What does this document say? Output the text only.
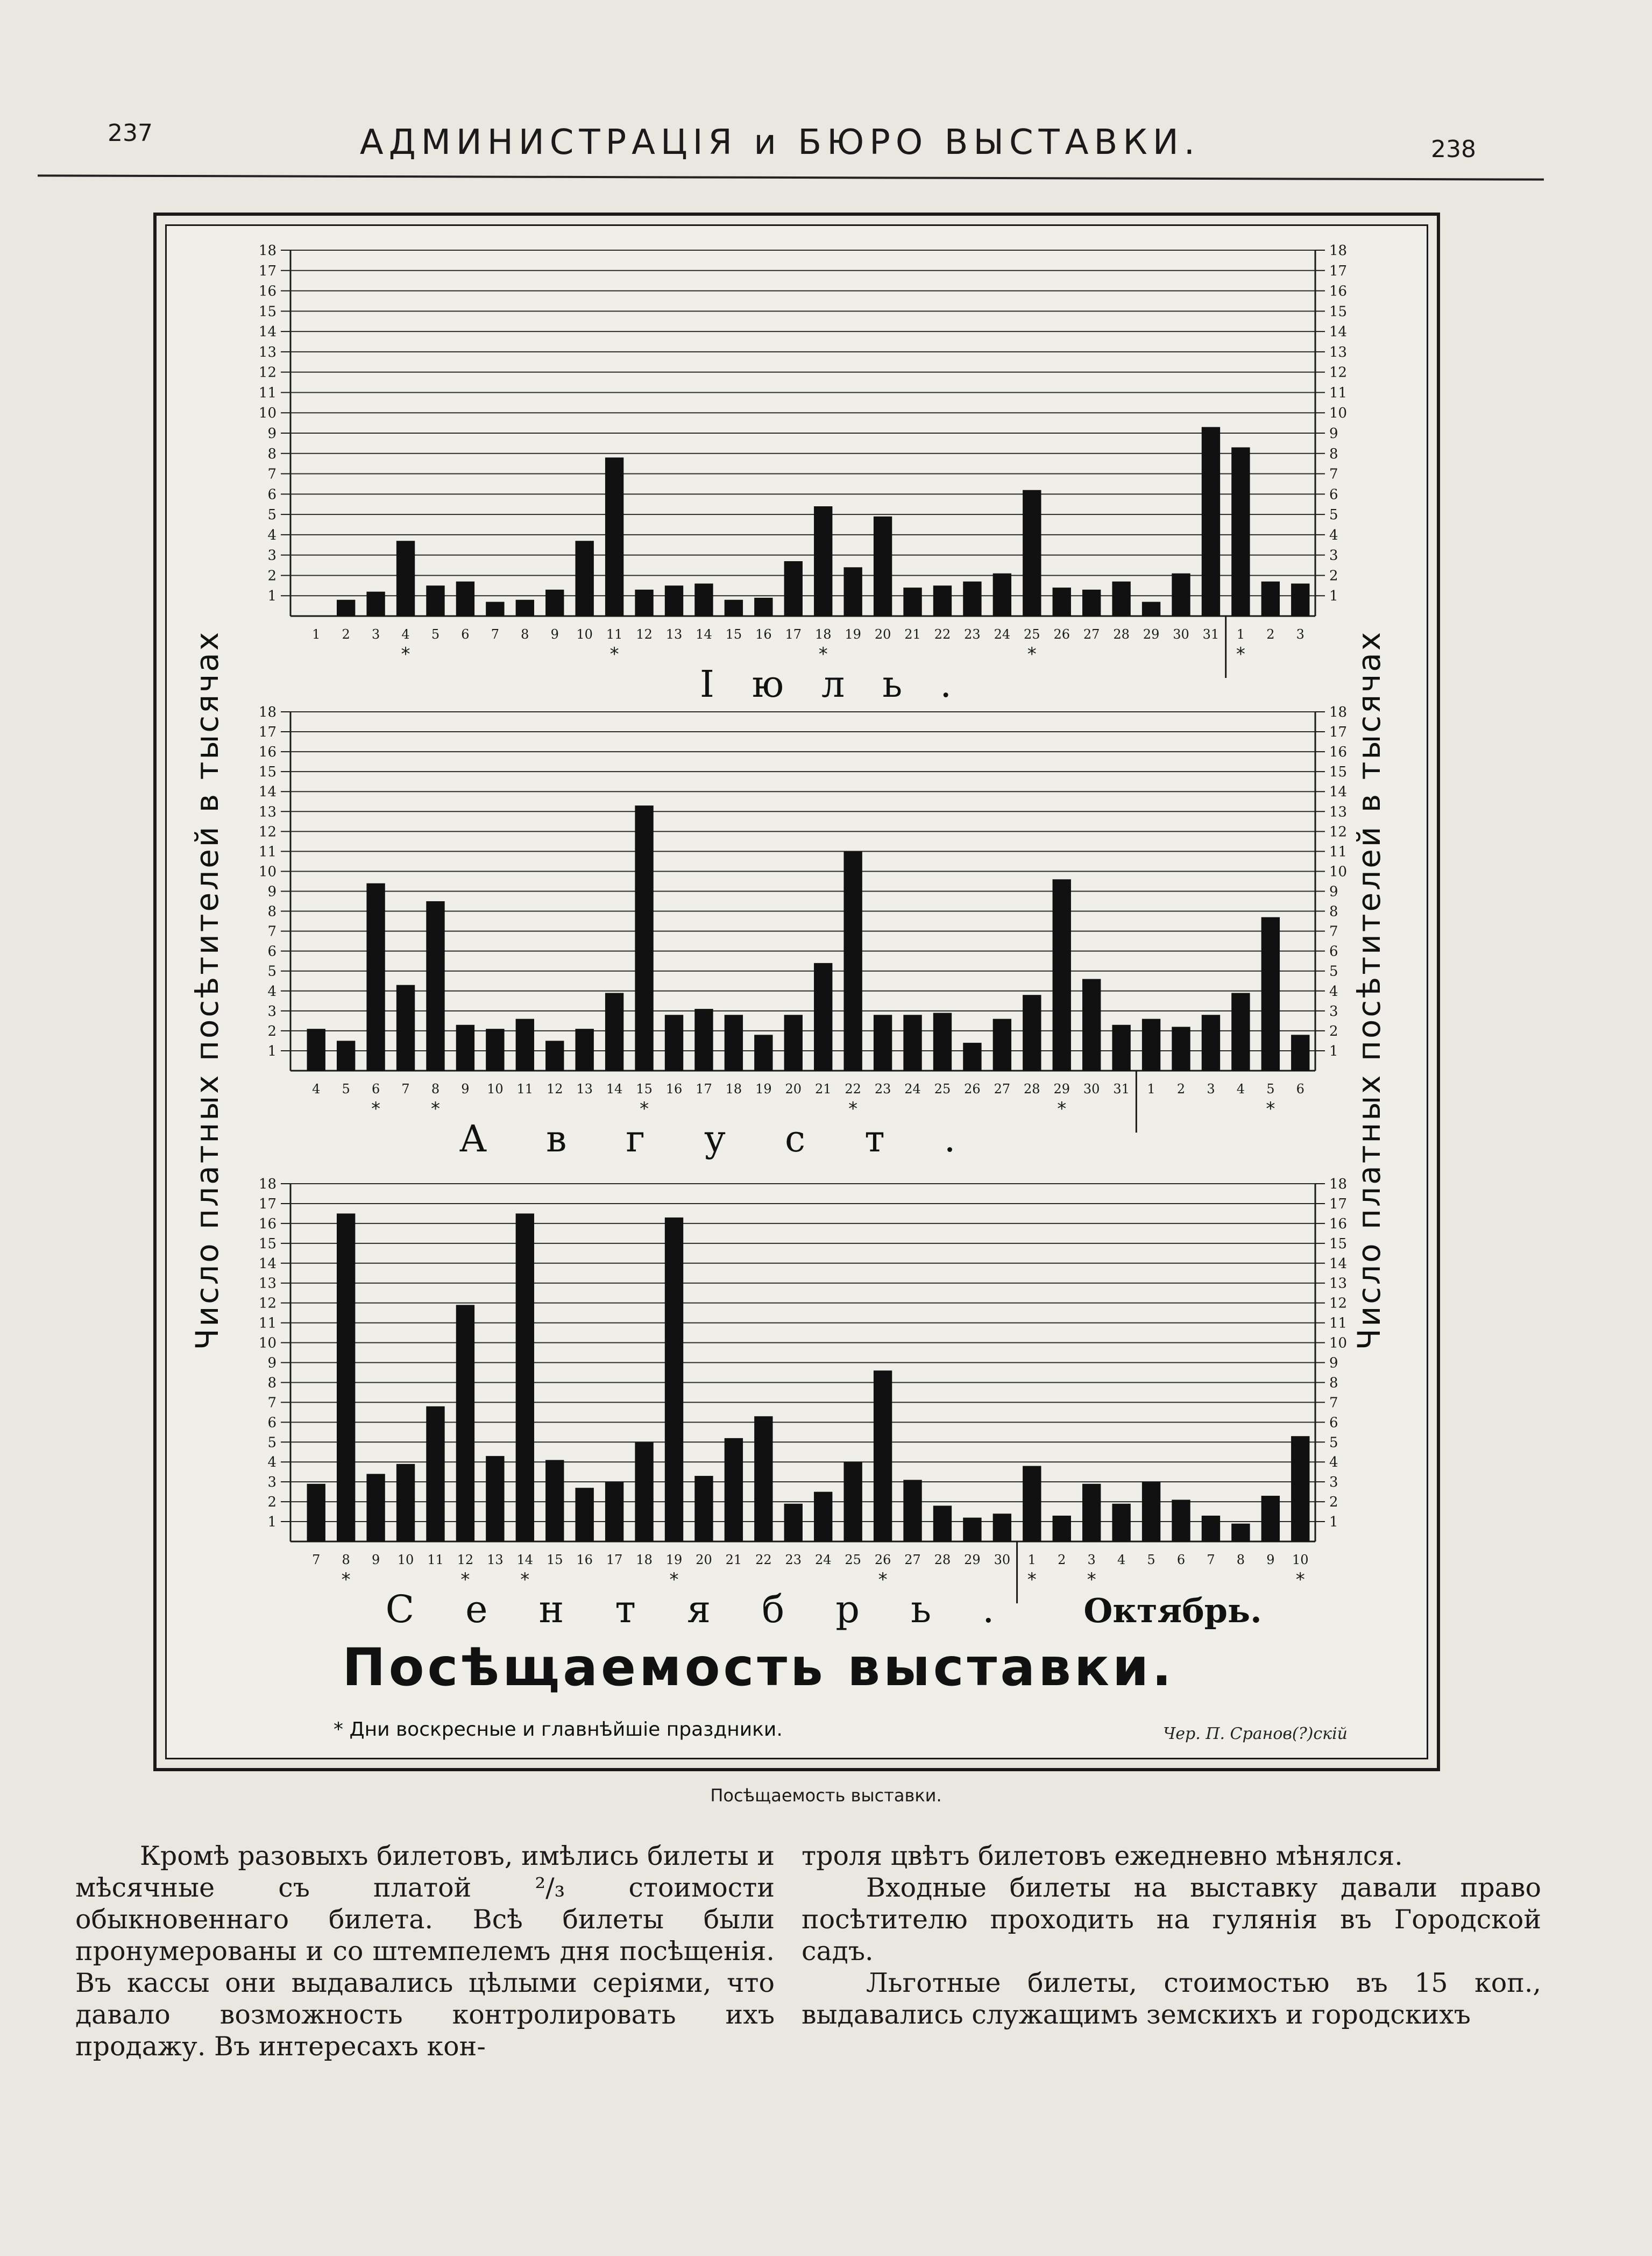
237	АДМИНИСТРАЦІЯ и БЮРО ВЫСТАВКИ.	238
1	1
2	2
3	3
4	4
5	5
6	6
7	7
8	8
9	9
10	10
11	11
12	12
13	13
14	14
15	15
16	16
17	17
18	18
1 2 3 4
*
5 6 7 8 9 10 11
*
12 13 14 15 16 17 18
*
19 20 21 22 23 24 25
*
26 27 28 29 30 31 1
*
2 3
Іюль.
1	1
2	2
3	3
4	4
5	5
6	6
7	7
8	8
9	9
10	10
11	11
12	12
13	13
14	14
15	15
16	16
17	17
18	18
4 5 6
*
7 8
*
9 10 11 12 13 14 15
*
16 17 18 19 20 21 22
*
23 24 25 26 27 28 29
*
30 31 1 2 3 4 5
*
6
Август.
1	1
2	2
3	3
4	4
5	5
6	6
7	7
8	8
9	9
10	10
11	11
12	12
13	13
14	14
15	15
16	16
17	17
18	18
7 8
*
9 10 11 12
*
13 14
*
15 16 17 18 19
*
20 21 22 23 24 25 26
*
27 28 29 30 1
*
2 3
*
4 5 6 7 8 9 10
*
Сентябрь. Октябрь.
Число платных посѣтителей в тысячах	Число платных посѣтителей в тысячах
Посѣщаемость выставки.
* Дни воскресные и главнѣйшіе праздники.	Чер. П. Сранов(?)скій
Посѣщаемость выставки.

Кромѣ разовыхъ билетовъ, имѣлись билеты и мѣсячные съ платой ²/₃ стоимости обыкновеннаго билета. Всѣ билеты были пронумерованы и со штемпелемъ дня посѣщенія. Въ кассы они выдавались цѣлыми серіями, что давало возможность контролировать ихъ продажу. Въ интересахъ кон-

троля цвѣтъ билетовъ ежедневно мѣнялся.

Входные билеты на выставку давали право посѣтителю проходить на гулянія въ Городской садъ.

Льготные билеты, стоимостью въ 15 коп., выдавались служащимъ земскихъ и городскихъ
